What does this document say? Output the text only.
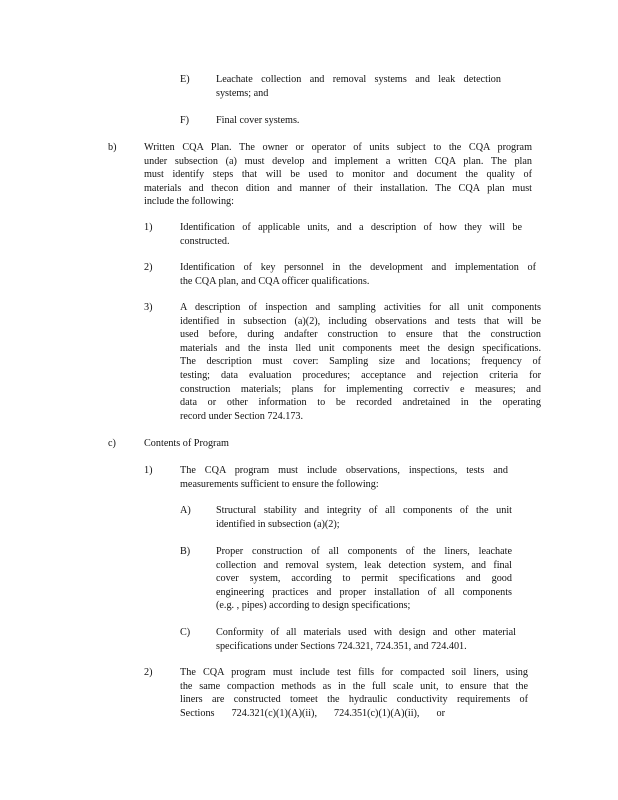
E)	Leachate collection and removal systems and leak detection
systems; and
F)	Final cover systems.
b)	Written CQA Plan. The owner or operator of units subject to the CQA program
under subsection (a) must develop and implement a written CQA plan. The plan
must identify steps that will be used to monitor and document the quality of
materials and thecon dition and manner of their installation. The CQA plan must
include the following:
1)	Identification of applicable units, and a description of how they will be
constructed.
2)	Identification of key personnel in the development and implementation of
the CQA plan, and CQA officer qualifications.
3)	A description of inspection and sampling activities for all unit components
identified in subsection (a)(2), including observations and tests that will be
used before, during andafter construction to ensure that the construction
materials and the insta lled unit components meet the design specifications.
The description must cover: Sampling size and locations; frequency of
testing; data evaluation procedures; acceptance and rejection criteria for
construction materials; plans for implementing correctiv e measures; and
data or other information to be recorded andretained in the operating
record under Section 724.173.
c)	Contents of Program
1)	The CQA program must include observations, inspections, tests and
measurements sufficient to ensure the following:
A) Structural stability and integrity of all components of the unit
identified in subsection (a)(2);
B)	Proper construction of all components of the liners, leachate
collection and removal system, leak detection system, and final
cover system, according to permit specifications and good
engineering practices and proper installation of all components
(e.g. , pipes) according to design specifications;
C)	Conformity of all materials used with design and other material
specifications under Sections 724.321, 724.351, and 724.401.
2)	The CQA program must include test fills for compacted soil liners, using
the same compaction methods as in the full scale unit, to ensure that the
liners are constructed tomeet the hydraulic conductivity requirements of
Sections 724.321(c)(1)(A)(ii), 724.351(c)(1)(A)(ii), or
